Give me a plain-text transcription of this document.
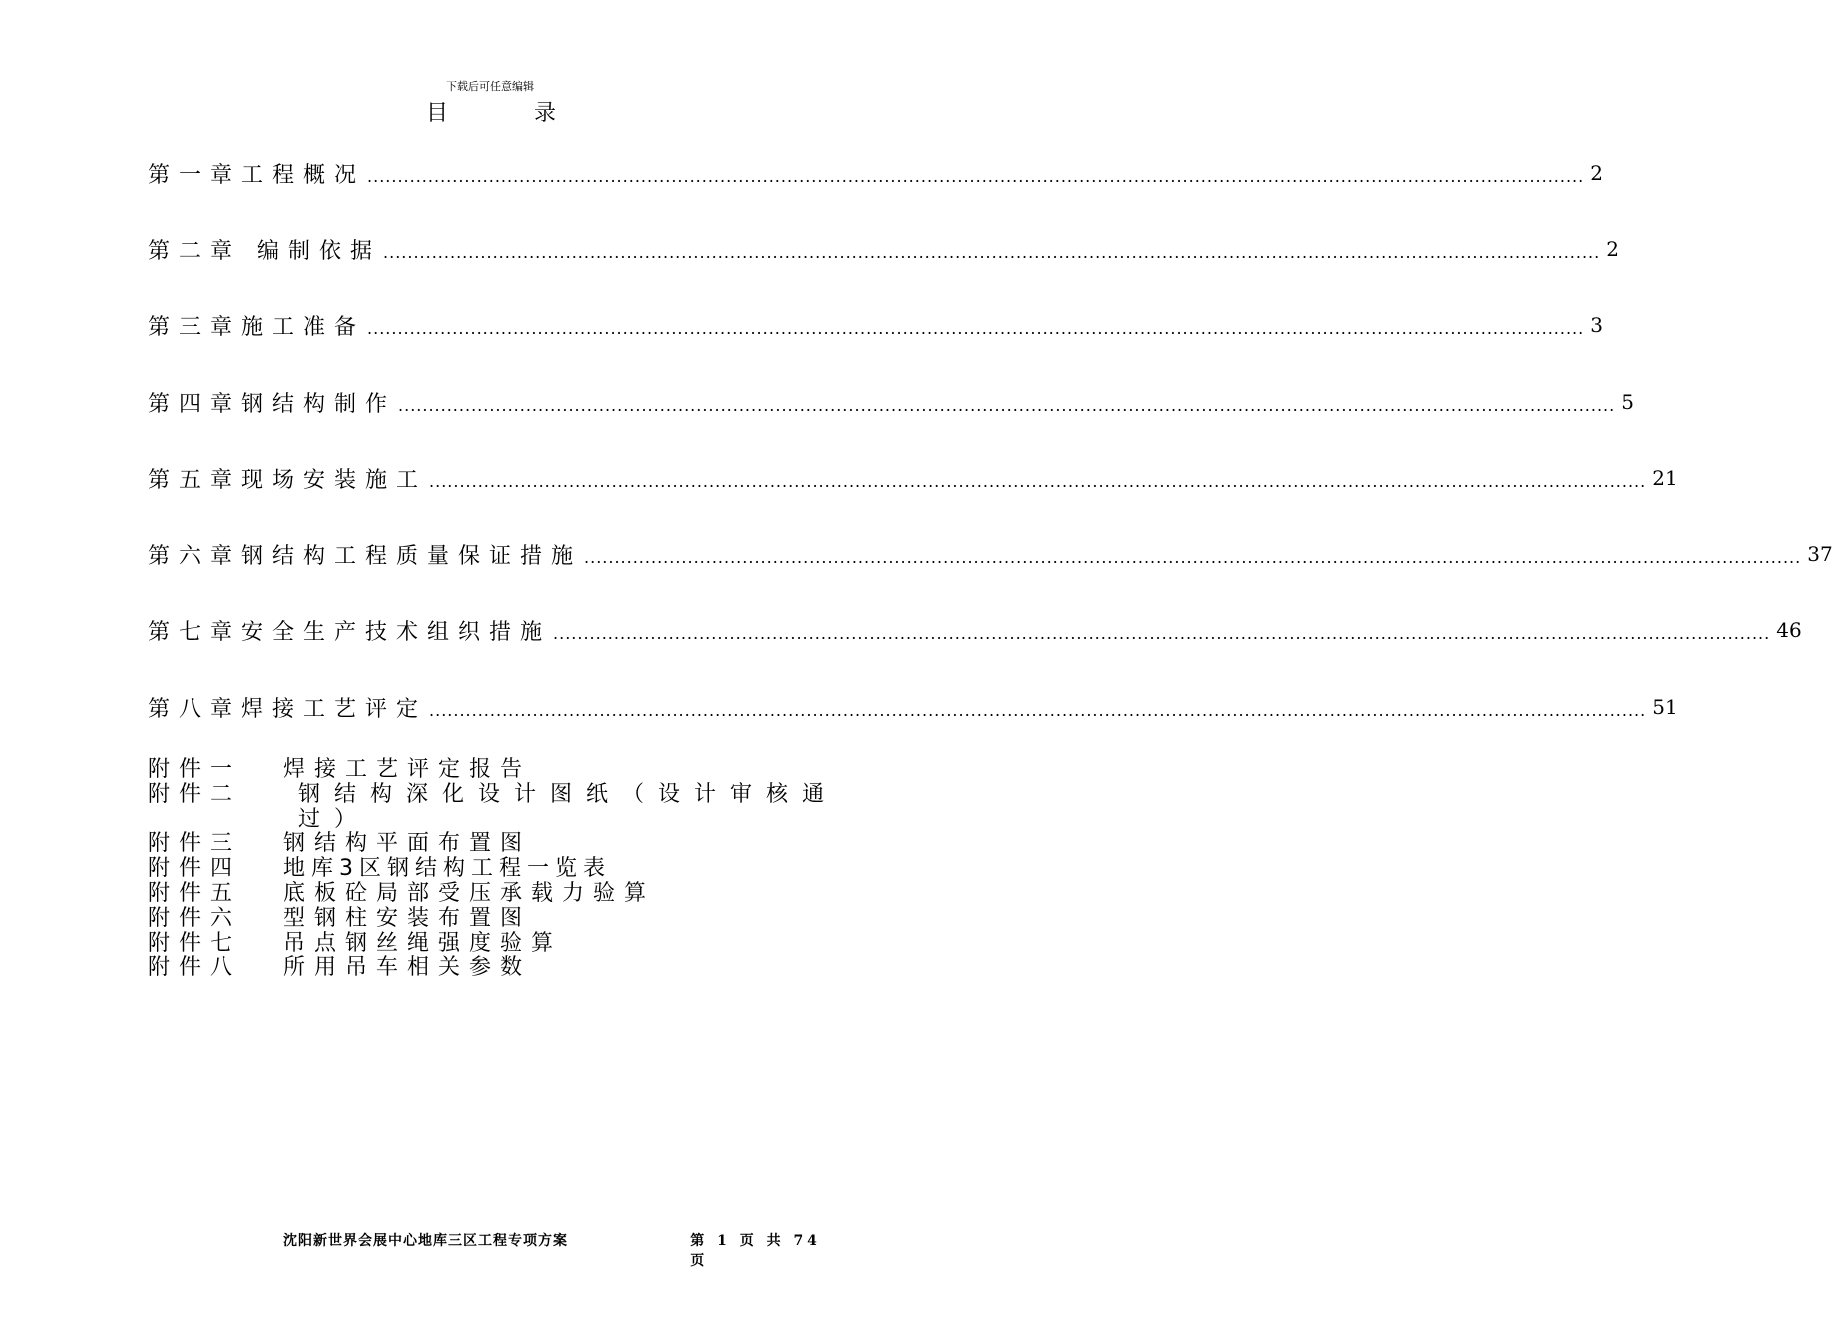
下载后可任意编辑
目	录
第一章 工程概况 ........................................................................................................................................................................................................ 2
第二章 编制依据 ........................................................................................................................................................................................................ 2
第三章 施工准备 ........................................................................................................................................................................................................ 3
第四章 钢结构制作 ........................................................................................................................................................................................................ 5
第五章 现场安装施工 ........................................................................................................................................................................................................ 21
第六章 钢结构工程质量保证措施 ........................................................................................................................................................................................................ 37
第七章 安全生产技术组织措施 ........................................................................................................................................................................................................ 46
第八章 焊接工艺评定 ........................................................................................................................................................................................................ 51
附件一	焊接工艺评定报告
附件二	钢结构深化设计图纸（设计审核通过）
附件三	钢结构平面布置图
附件四	地库3区钢结构工程一览表
附件五	底板砼局部受压承载力验算
附件六	型钢柱安装布置图
附件七	吊点钢丝绳强度验算
附件八	所用吊车相关参数
沈阳新世界会展中心地库三区工程专项方案	第 1 页 共 74 页
